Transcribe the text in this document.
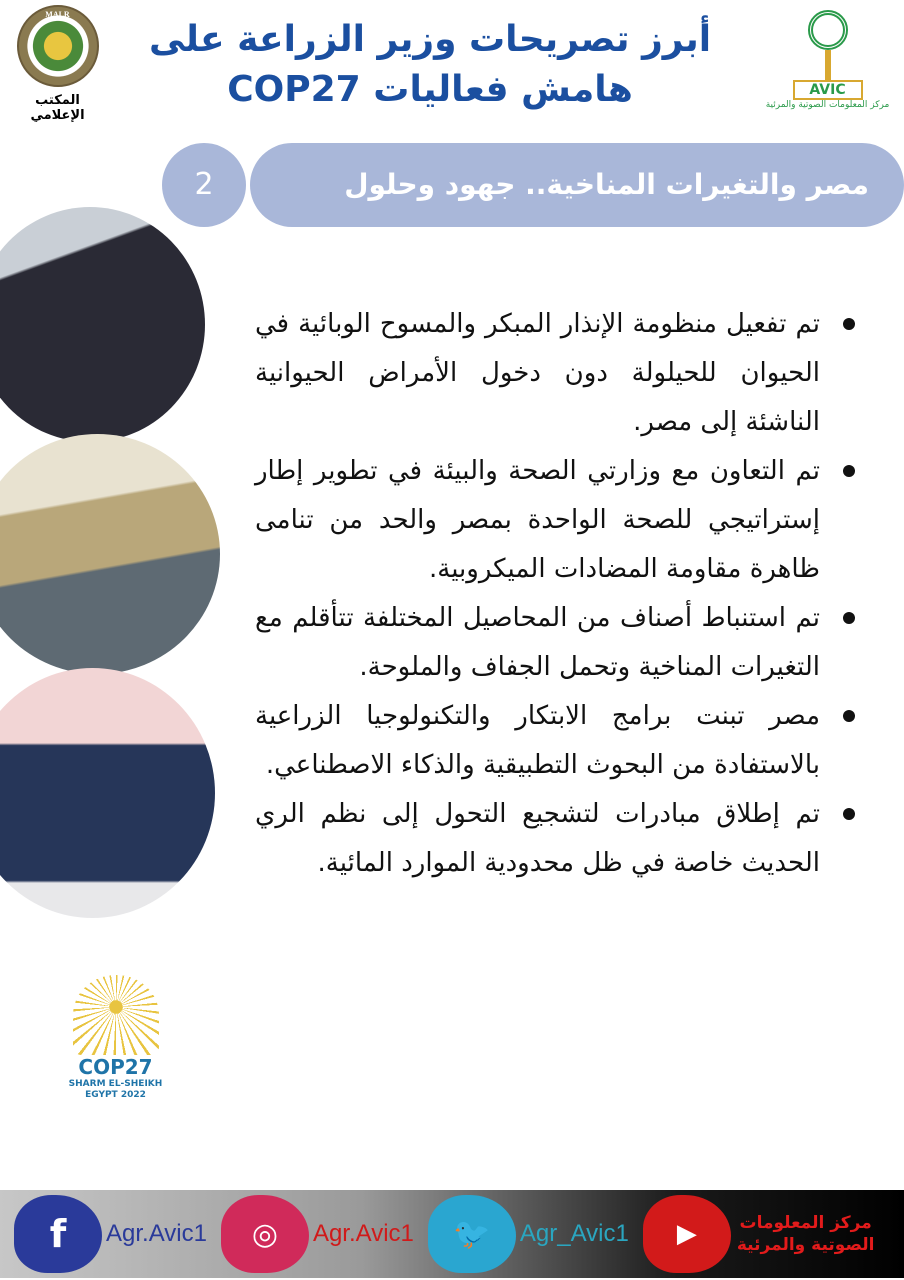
MALR
المكتب الإعلامي
أبرز تصريحات وزير الزراعة على
هامش فعاليات COP27	AVIC
مركز المعلومات الصوتية والمرئية
2	مصر والتغيرات المناخية.. جهود وحلول
تم تفعيل منظومة الإنذار المبكر والمسوح الوبائية في الحيوان للحيلولة دون دخول الأمراض الحيوانية الناشئة إلى مصر.
تم التعاون مع وزارتي الصحة والبيئة في تطوير إطار إستراتيجي للصحة الواحدة بمصر والحد من تنامى ظاهرة مقاومة المضادات الميكروبية.
تم استنباط أصناف من المحاصيل المختلفة تتأقلم مع التغيرات المناخية وتحمل الجفاف والملوحة.
مصر تبنت برامج الابتكار والتكنولوجيا الزراعية بالاستفادة من البحوث التطبيقية والذكاء الاصطناعي.
تم إطلاق مبادرات لتشجيع التحول إلى نظم الري الحديث خاصة في ظل محدودية الموارد المائية.
COP27
SHARM EL-SHEIKH
EGYPT 2022
f	Agr.Avic1	◎	Agr.Avic1	🐦	Agr_Avic1	▶	مركز المعلومات
الصوتية والمرئية
